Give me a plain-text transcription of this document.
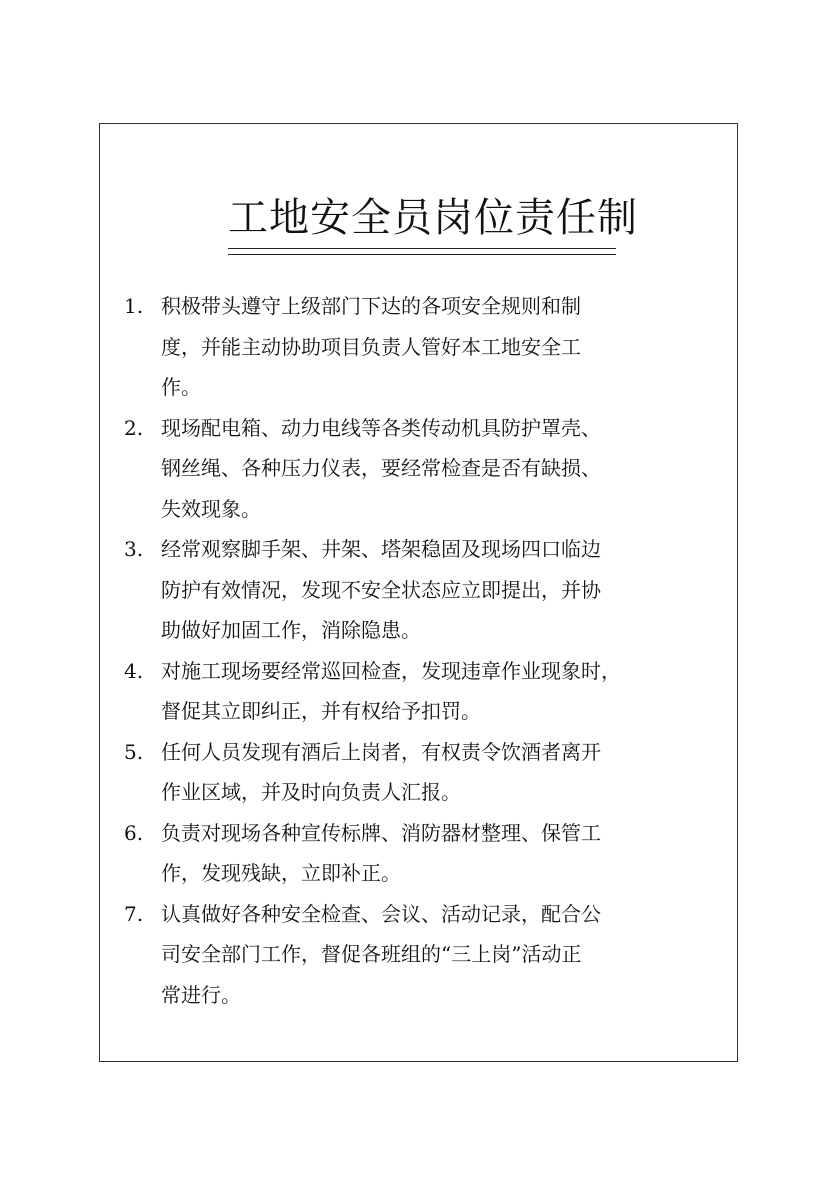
工地安全员岗位责任制
1. 积极带头遵守上级部门下达的各项安全规则和制
度，并能主动协助项目负责人管好本工地安全工
作。
2. 现场配电箱、动力电线等各类传动机具防护罩壳、
钢丝绳、各种压力仪表，要经常检查是否有缺损、
失效现象。
3. 经常观察脚手架、井架、塔架稳固及现场四口临边
防护有效情况，发现不安全状态应立即提出，并协
助做好加固工作，消除隐患。
4. 对施工现场要经常巡回检查，发现违章作业现象时，
督促其立即纠正，并有权给予扣罚。
5. 任何人员发现有酒后上岗者，有权责令饮酒者离开
作业区域，并及时向负责人汇报。
6. 负责对现场各种宣传标牌、消防器材整理、保管工
作，发现残缺，立即补正。
7. 认真做好各种安全检查、会议、活动记录，配合公
司安全部门工作，督促各班组的“三上岗”活动正
常进行。
